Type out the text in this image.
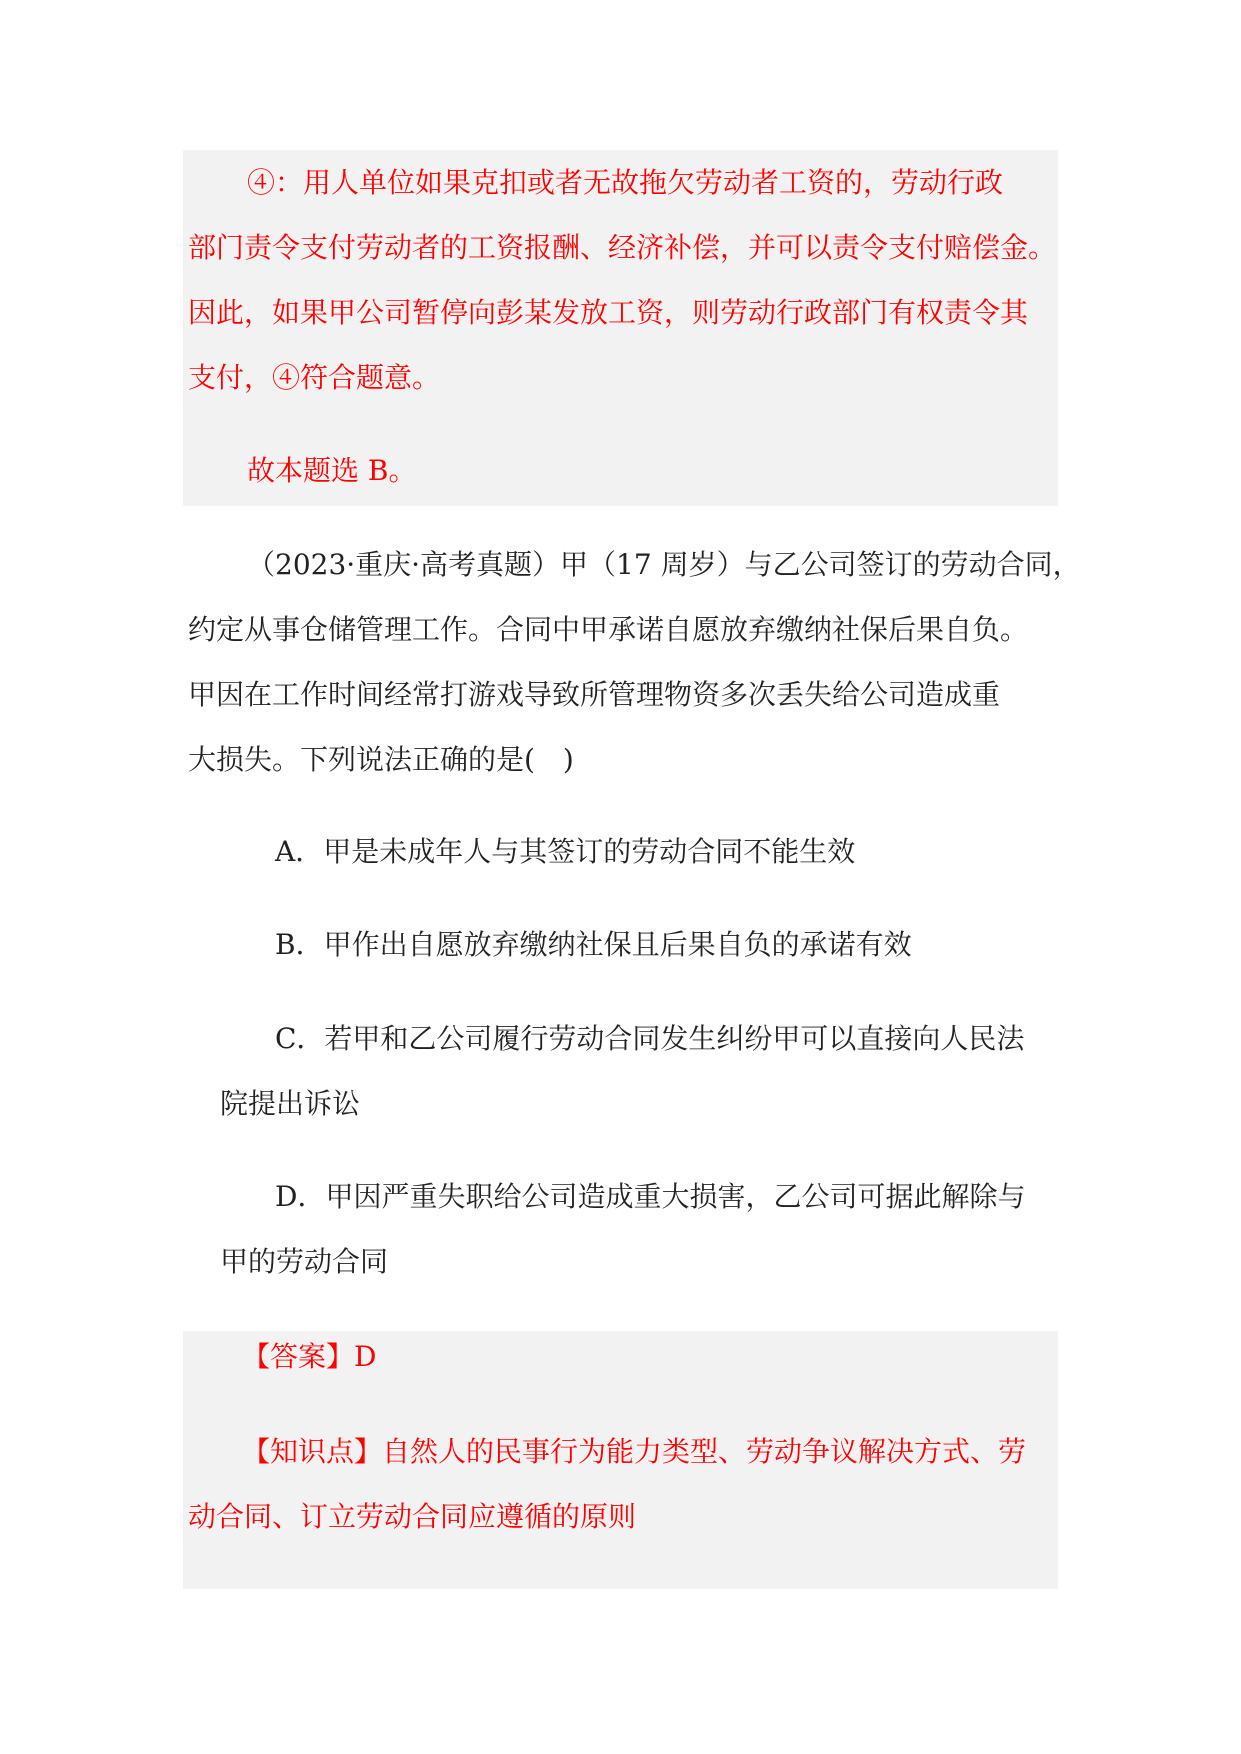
④：用人单位如果克扣或者无故拖欠劳动者工资的，劳动行政
部门责令支付劳动者的工资报酬、经济补偿，并可以责令支付赔偿金。
因此，如果甲公司暂停向彭某发放工资，则劳动行政部门有权责令其
支付，④符合题意。
故本题选 B。
（2023·重庆·高考真题）甲（17 周岁）与乙公司签订的劳动合同，
约定从事仓储管理工作。合同中甲承诺自愿放弃缴纳社保后果自负。
甲因在工作时间经常打游戏导致所管理物资多次丢失给公司造成重
大损失。下列说法正确的是(　)
A．甲是未成年人与其签订的劳动合同不能生效
B．甲作出自愿放弃缴纳社保且后果自负的承诺有效
C．若甲和乙公司履行劳动合同发生纠纷甲可以直接向人民法
院提出诉讼
D．甲因严重失职给公司造成重大损害，乙公司可据此解除与
甲的劳动合同
【答案】D
【知识点】自然人的民事行为能力类型、劳动争议解决方式、劳
动合同、订立劳动合同应遵循的原则
